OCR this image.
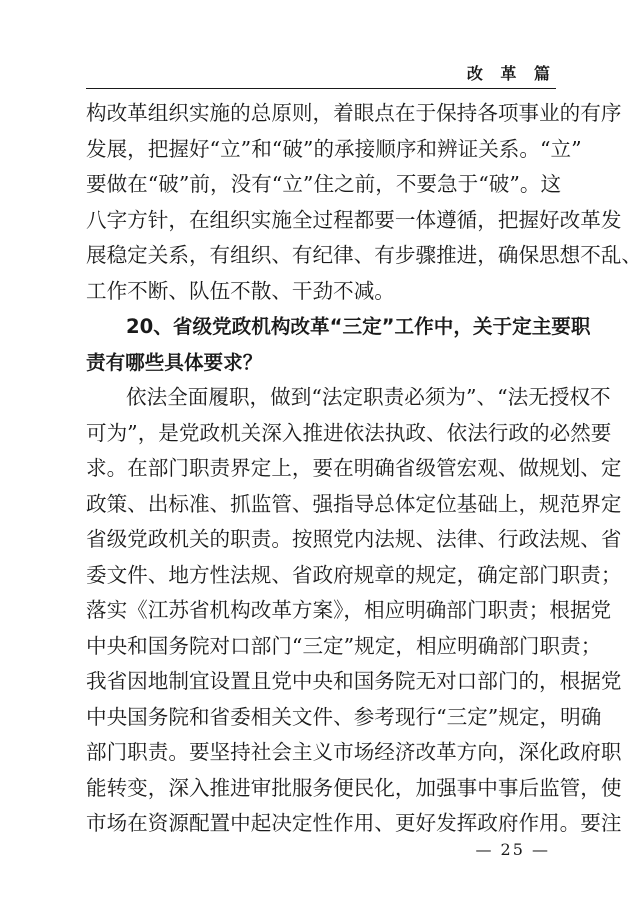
改 革 篇
构改革组织实施的总原则，着眼点在于保持各项事业的有序
发展，把握好“立”和“破”的承接顺序和辨证关系。“立”
要做在“破”前，没有“立”住之前，不要急于“破”。这
八字方针，在组织实施全过程都要一体遵循，把握好改革发
展稳定关系，有组织、有纪律、有步骤推进，确保思想不乱、
工作不断、队伍不散、干劲不减。
20、省级党政机构改革“三定”工作中，关于定主要职
责有哪些具体要求？
依法全面履职，做到“法定职责必须为”、“法无授权不
可为”，是党政机关深入推进依法执政、依法行政的必然要
求。在部门职责界定上，要在明确省级管宏观、做规划、定
政策、出标准、抓监管、强指导总体定位基础上，规范界定
省级党政机关的职责。按照党内法规、法律、行政法规、省
委文件、地方性法规、省政府规章的规定，确定部门职责；
落实《江苏省机构改革方案》，相应明确部门职责；根据党
中央和国务院对口部门“三定”规定，相应明确部门职责；
我省因地制宜设置且党中央和国务院无对口部门的，根据党
中央国务院和省委相关文件、参考现行“三定”规定，明确
部门职责。要坚持社会主义市场经济改革方向，深化政府职
能转变，深入推进审批服务便民化，加强事中事后监管，使
市场在资源配置中起决定性作用、更好发挥政府作用。要注
— 25 —
